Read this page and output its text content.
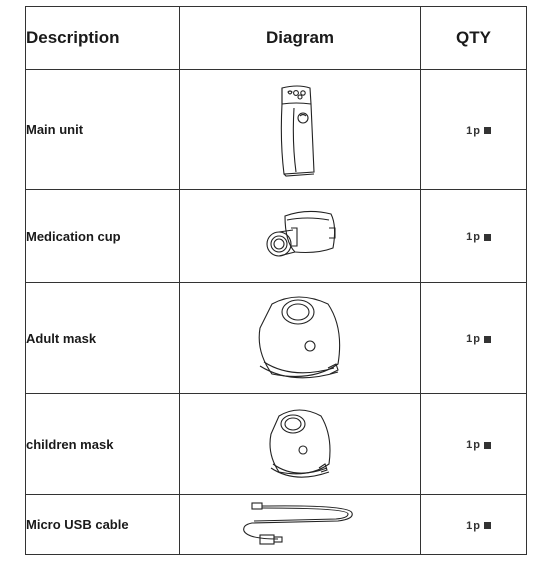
Description	Diagram	QTY
Main unit		1p

Medication cup		1p

Adult mask		1p

children mask		1p

Micro USB cable		1p
